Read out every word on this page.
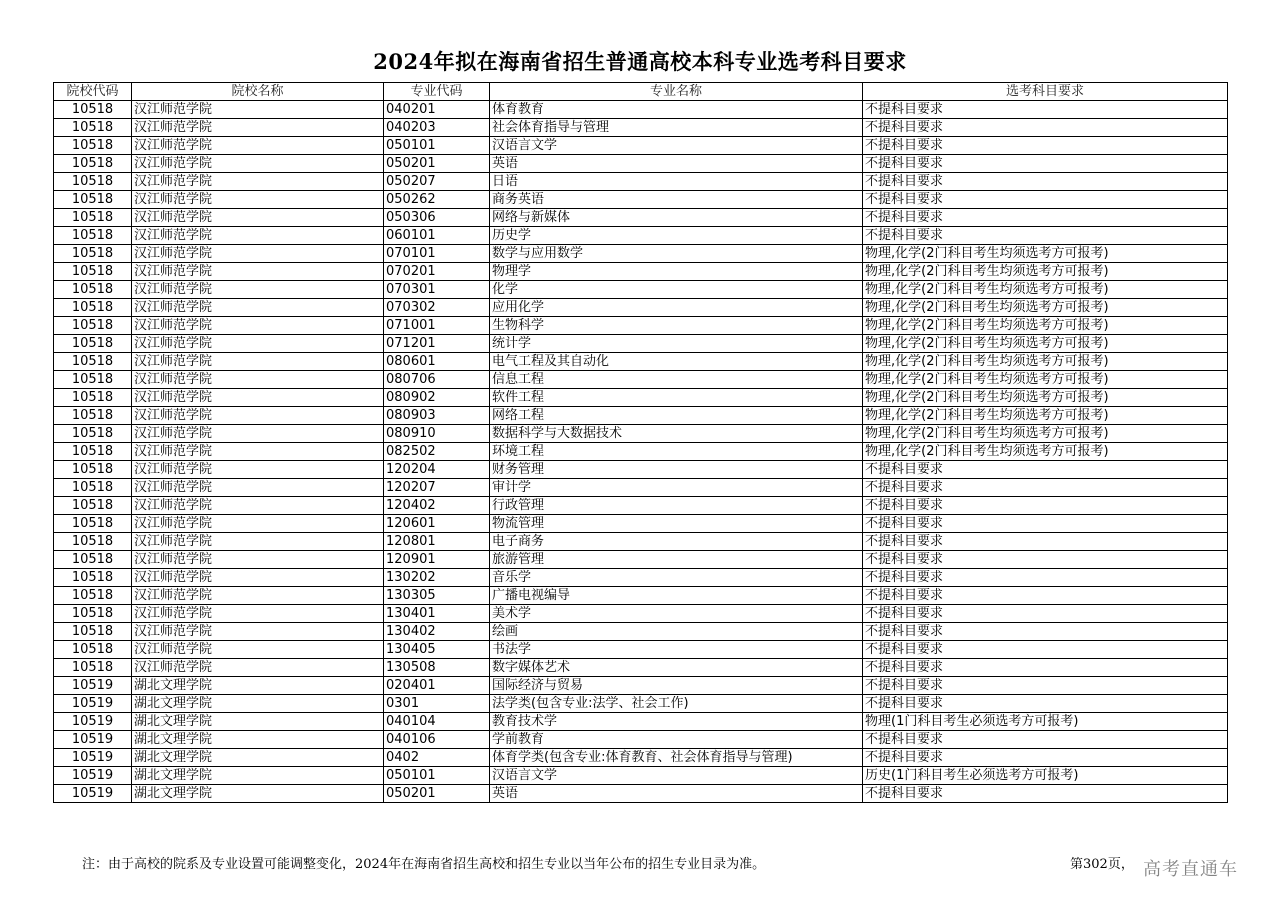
2024年拟在海南省招生普通高校本科专业选考科目要求
院校代码	院校名称	专业代码	专业名称	选考科目要求
10518	汉江师范学院	040201	体育教育	不提科目要求
10518	汉江师范学院	040203	社会体育指导与管理	不提科目要求
10518	汉江师范学院	050101	汉语言文学	不提科目要求
10518	汉江师范学院	050201	英语	不提科目要求
10518	汉江师范学院	050207	日语	不提科目要求
10518	汉江师范学院	050262	商务英语	不提科目要求
10518	汉江师范学院	050306	网络与新媒体	不提科目要求
10518	汉江师范学院	060101	历史学	不提科目要求
10518	汉江师范学院	070101	数学与应用数学	物理,化学(2门科目考生均须选考方可报考)
10518	汉江师范学院	070201	物理学	物理,化学(2门科目考生均须选考方可报考)
10518	汉江师范学院	070301	化学	物理,化学(2门科目考生均须选考方可报考)
10518	汉江师范学院	070302	应用化学	物理,化学(2门科目考生均须选考方可报考)
10518	汉江师范学院	071001	生物科学	物理,化学(2门科目考生均须选考方可报考)
10518	汉江师范学院	071201	统计学	物理,化学(2门科目考生均须选考方可报考)
10518	汉江师范学院	080601	电气工程及其自动化	物理,化学(2门科目考生均须选考方可报考)
10518	汉江师范学院	080706	信息工程	物理,化学(2门科目考生均须选考方可报考)
10518	汉江师范学院	080902	软件工程	物理,化学(2门科目考生均须选考方可报考)
10518	汉江师范学院	080903	网络工程	物理,化学(2门科目考生均须选考方可报考)
10518	汉江师范学院	080910	数据科学与大数据技术	物理,化学(2门科目考生均须选考方可报考)
10518	汉江师范学院	082502	环境工程	物理,化学(2门科目考生均须选考方可报考)
10518	汉江师范学院	120204	财务管理	不提科目要求
10518	汉江师范学院	120207	审计学	不提科目要求
10518	汉江师范学院	120402	行政管理	不提科目要求
10518	汉江师范学院	120601	物流管理	不提科目要求
10518	汉江师范学院	120801	电子商务	不提科目要求
10518	汉江师范学院	120901	旅游管理	不提科目要求
10518	汉江师范学院	130202	音乐学	不提科目要求
10518	汉江师范学院	130305	广播电视编导	不提科目要求
10518	汉江师范学院	130401	美术学	不提科目要求
10518	汉江师范学院	130402	绘画	不提科目要求
10518	汉江师范学院	130405	书法学	不提科目要求
10518	汉江师范学院	130508	数字媒体艺术	不提科目要求
10519	湖北文理学院	020401	国际经济与贸易	不提科目要求
10519	湖北文理学院	0301	法学类(包含专业:法学、社会工作)	不提科目要求
10519	湖北文理学院	040104	教育技术学	物理(1门科目考生必须选考方可报考)
10519	湖北文理学院	040106	学前教育	不提科目要求
10519	湖北文理学院	0402	体育学类(包含专业:体育教育、社会体育指导与管理)	不提科目要求
10519	湖北文理学院	050101	汉语言文学	历史(1门科目考生必须选考方可报考)
10519	湖北文理学院	050201	英语	不提科目要求
注：由于高校的院系及专业设置可能调整变化，2024年在海南省招生高校和招生专业以当年公布的招生专业目录为准。	第302页， 高考直通车
